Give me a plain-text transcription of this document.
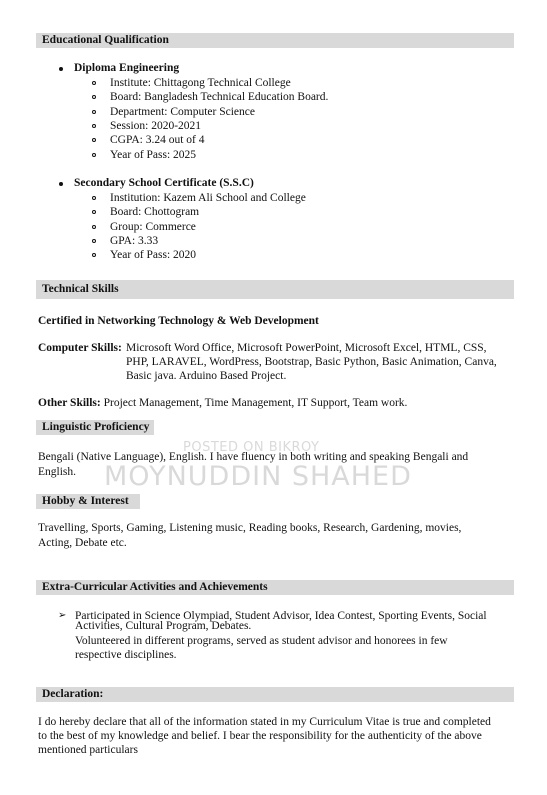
Educational Qualification
Diploma Engineering
Institute: Chittagong Technical College
Board: Bangladesh Technical Education Board.
Department: Computer Science
Session: 2020-2021
CGPA: 3.24 out of 4
Year of Pass: 2025
Secondary School Certificate (S.S.C)
Institution: Kazem Ali School and College
Board: Chottogram
Group: Commerce
GPA: 3.33
Year of Pass: 2020
Technical Skills
Certified in Networking Technology & Web Development
Computer Skills: Microsoft Word Office, Microsoft PowerPoint, Microsoft Excel, HTML, CSS,
PHP, LARAVEL, WordPress, Bootstrap, Basic Python, Basic Animation, Canva,
Basic java. Arduino Based Project.
Other Skills: Project Management, Time Management, IT Support, Team work.
Linguistic Proficiency
Bengali (Native Language), English. I have fluency in both writing and speaking Bengali and
English.
Hobby & Interest
Travelling, Sports, Gaming, Listening music, Reading books, Research, Gardening, movies,
Acting, Debate etc.
Extra-Curricular Activities and Achievements
➢ Participated in Science Olympiad, Student Advisor, Idea Contest, Sporting Events, Social
Activities, Cultural Program, Debates.
Volunteered in different programs, served as student advisor and honorees in few
respective disciplines.
Declaration:
I do hereby declare that all of the information stated in my Curriculum Vitae is true and completed
to the best of my knowledge and belief. I bear the responsibility for the authenticity of the above
mentioned particulars
POSTED ON BIKROY
MOYNUDDIN SHAHED
